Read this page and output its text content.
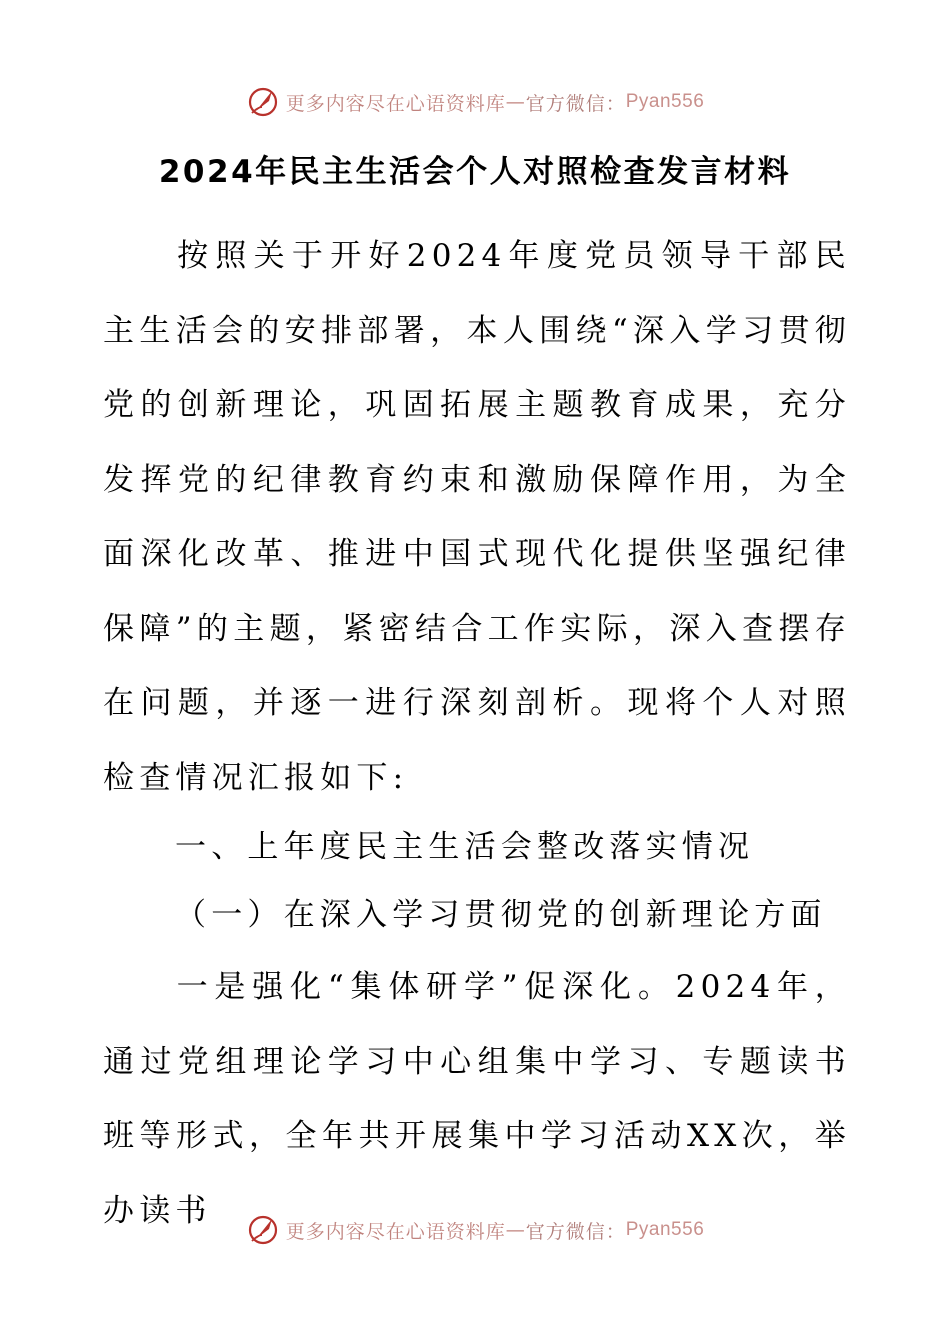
更多内容尽在心语资料库 — 官方微信： Pyan556
2024年民主生活会个人对照检查发言材料
按照关于开好2024年度党员领导干部民主生活会的安排部署，本人围绕“深入学习贯彻党的创新理论，巩固拓展主题教育成果，充分发挥党的纪律教育约束和激励保障作用，为全面深化改革、推进中国式现代化提供坚强纪律保障”的主题，紧密结合工作实际，深入查摆存在问题，并逐一进行深刻剖析。现将个人对照检查情况汇报如下:
一、上年度民主生活会整改落实情况
（一）在深入学习贯彻党的创新理论方面
一是强化“集体研学”促深化。2024年，通过党组理论学习中心组集中学习、专题读书班等形式，全年共开展集中学习活动XX次，举办读书
更多内容尽在心语资料库 — 官方微信： Pyan556
